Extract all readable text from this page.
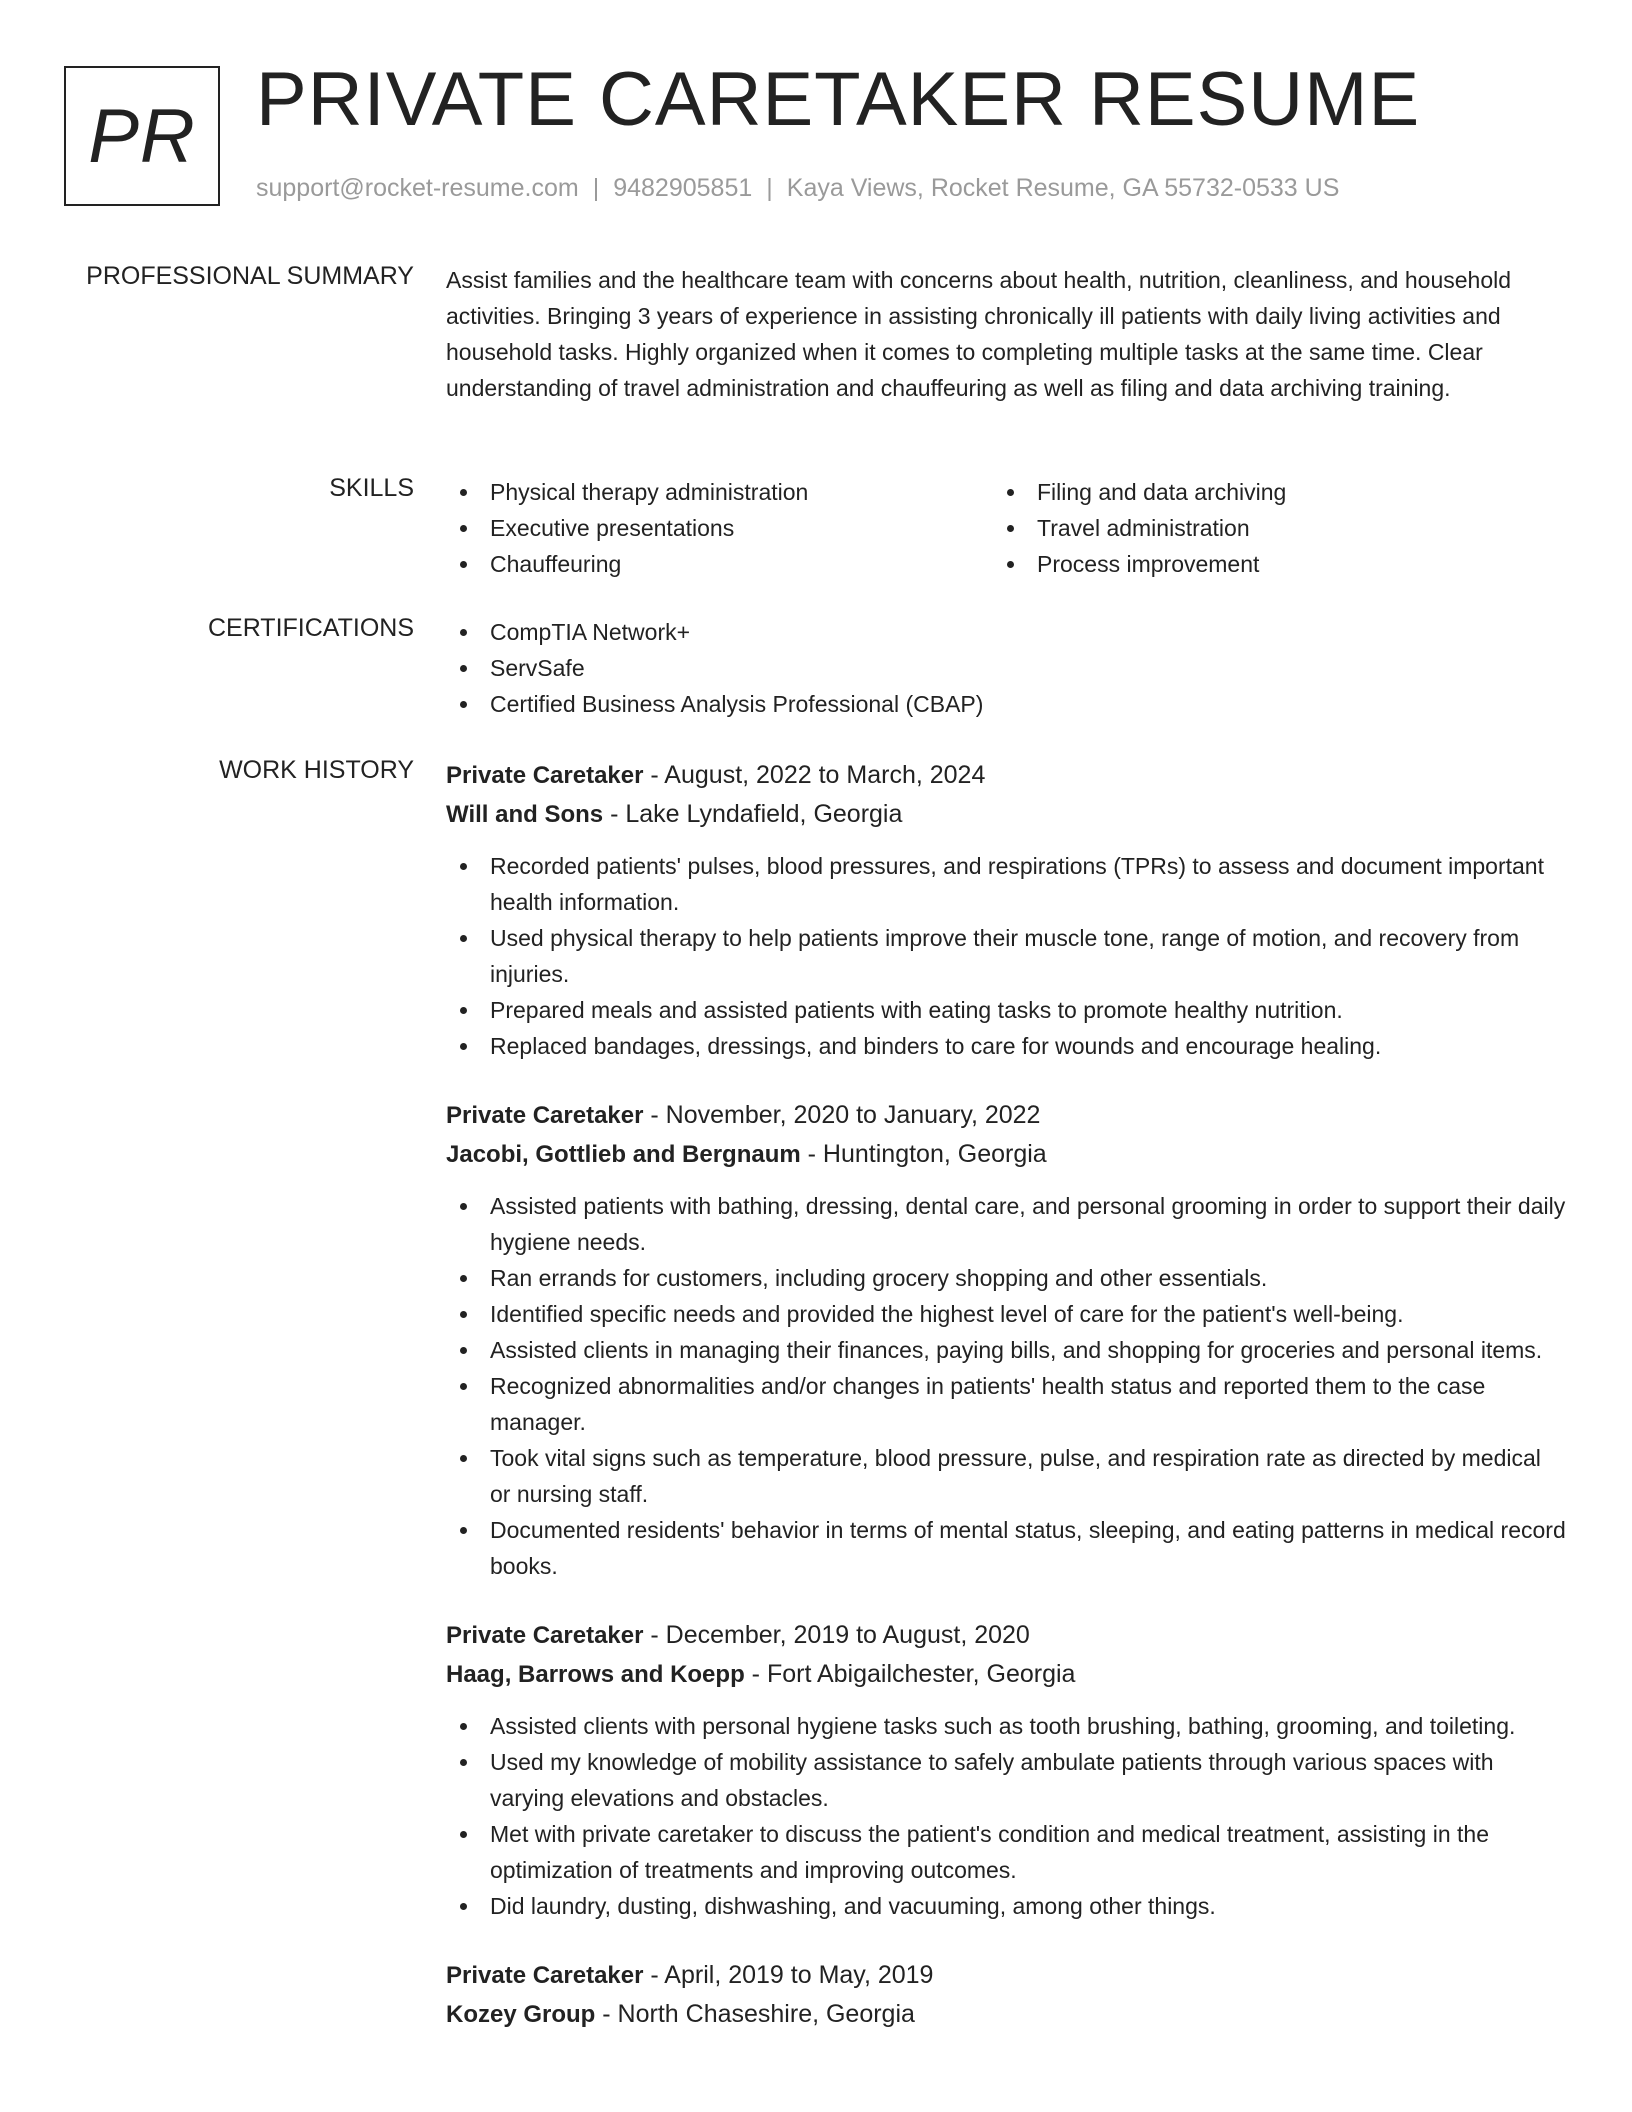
PR PRIVATE CARETAKER RESUME
support@rocket-resume.com | 9482905851 | Kaya Views, Rocket Resume, GA 55732-0533 US
PROFESSIONAL SUMMARY Assist families and the healthcare team with concerns about health, nutrition, cleanliness, and household activities. Bringing 3 years of experience in assisting chronically ill patients with daily living activities and household tasks. Highly organized when it comes to completing multiple tasks at the same time. Clear understanding of travel administration and chauffeuring as well as filing and data archiving training.

SKILLS	Physical therapy administration
Executive presentations
Chauffeuring
Filing and data archiving
Travel administration
Process improvement
CERTIFICATIONS	CompTIA Network+
ServSafe
Certified Business Analysis Professional (CBAP)
WORK HISTORY Private Caretaker - August, 2022 to March, 2024
Will and Sons - Lake Lyndafield, Georgia
Recorded patients' pulses, blood pressures, and respirations (TPRs) to assess and document important health information.
Used physical therapy to help patients improve their muscle tone, range of motion, and recovery from injuries.
Prepared meals and assisted patients with eating tasks to promote healthy nutrition.
Replaced bandages, dressings, and binders to care for wounds and encourage healing.
Private Caretaker - November, 2020 to January, 2022
Jacobi, Gottlieb and Bergnaum - Huntington, Georgia
Assisted patients with bathing, dressing, dental care, and personal grooming in order to support their daily hygiene needs.
Ran errands for customers, including grocery shopping and other essentials.
Identified specific needs and provided the highest level of care for the patient's well-being.
Assisted clients in managing their finances, paying bills, and shopping for groceries and personal items.
Recognized abnormalities and/or changes in patients' health status and reported them to the case manager.
Took vital signs such as temperature, blood pressure, pulse, and respiration rate as directed by medical or nursing staff.
Documented residents' behavior in terms of mental status, sleeping, and eating patterns in medical record books.
Private Caretaker - December, 2019 to August, 2020
Haag, Barrows and Koepp - Fort Abigailchester, Georgia
Assisted clients with personal hygiene tasks such as tooth brushing, bathing, grooming, and toileting.
Used my knowledge of mobility assistance to safely ambulate patients through various spaces with varying elevations and obstacles.
Met with private caretaker to discuss the patient's condition and medical treatment, assisting in the optimization of treatments and improving outcomes.
Did laundry, dusting, dishwashing, and vacuuming, among other things.
Private Caretaker - April, 2019 to May, 2019
Kozey Group - North Chaseshire, Georgia
